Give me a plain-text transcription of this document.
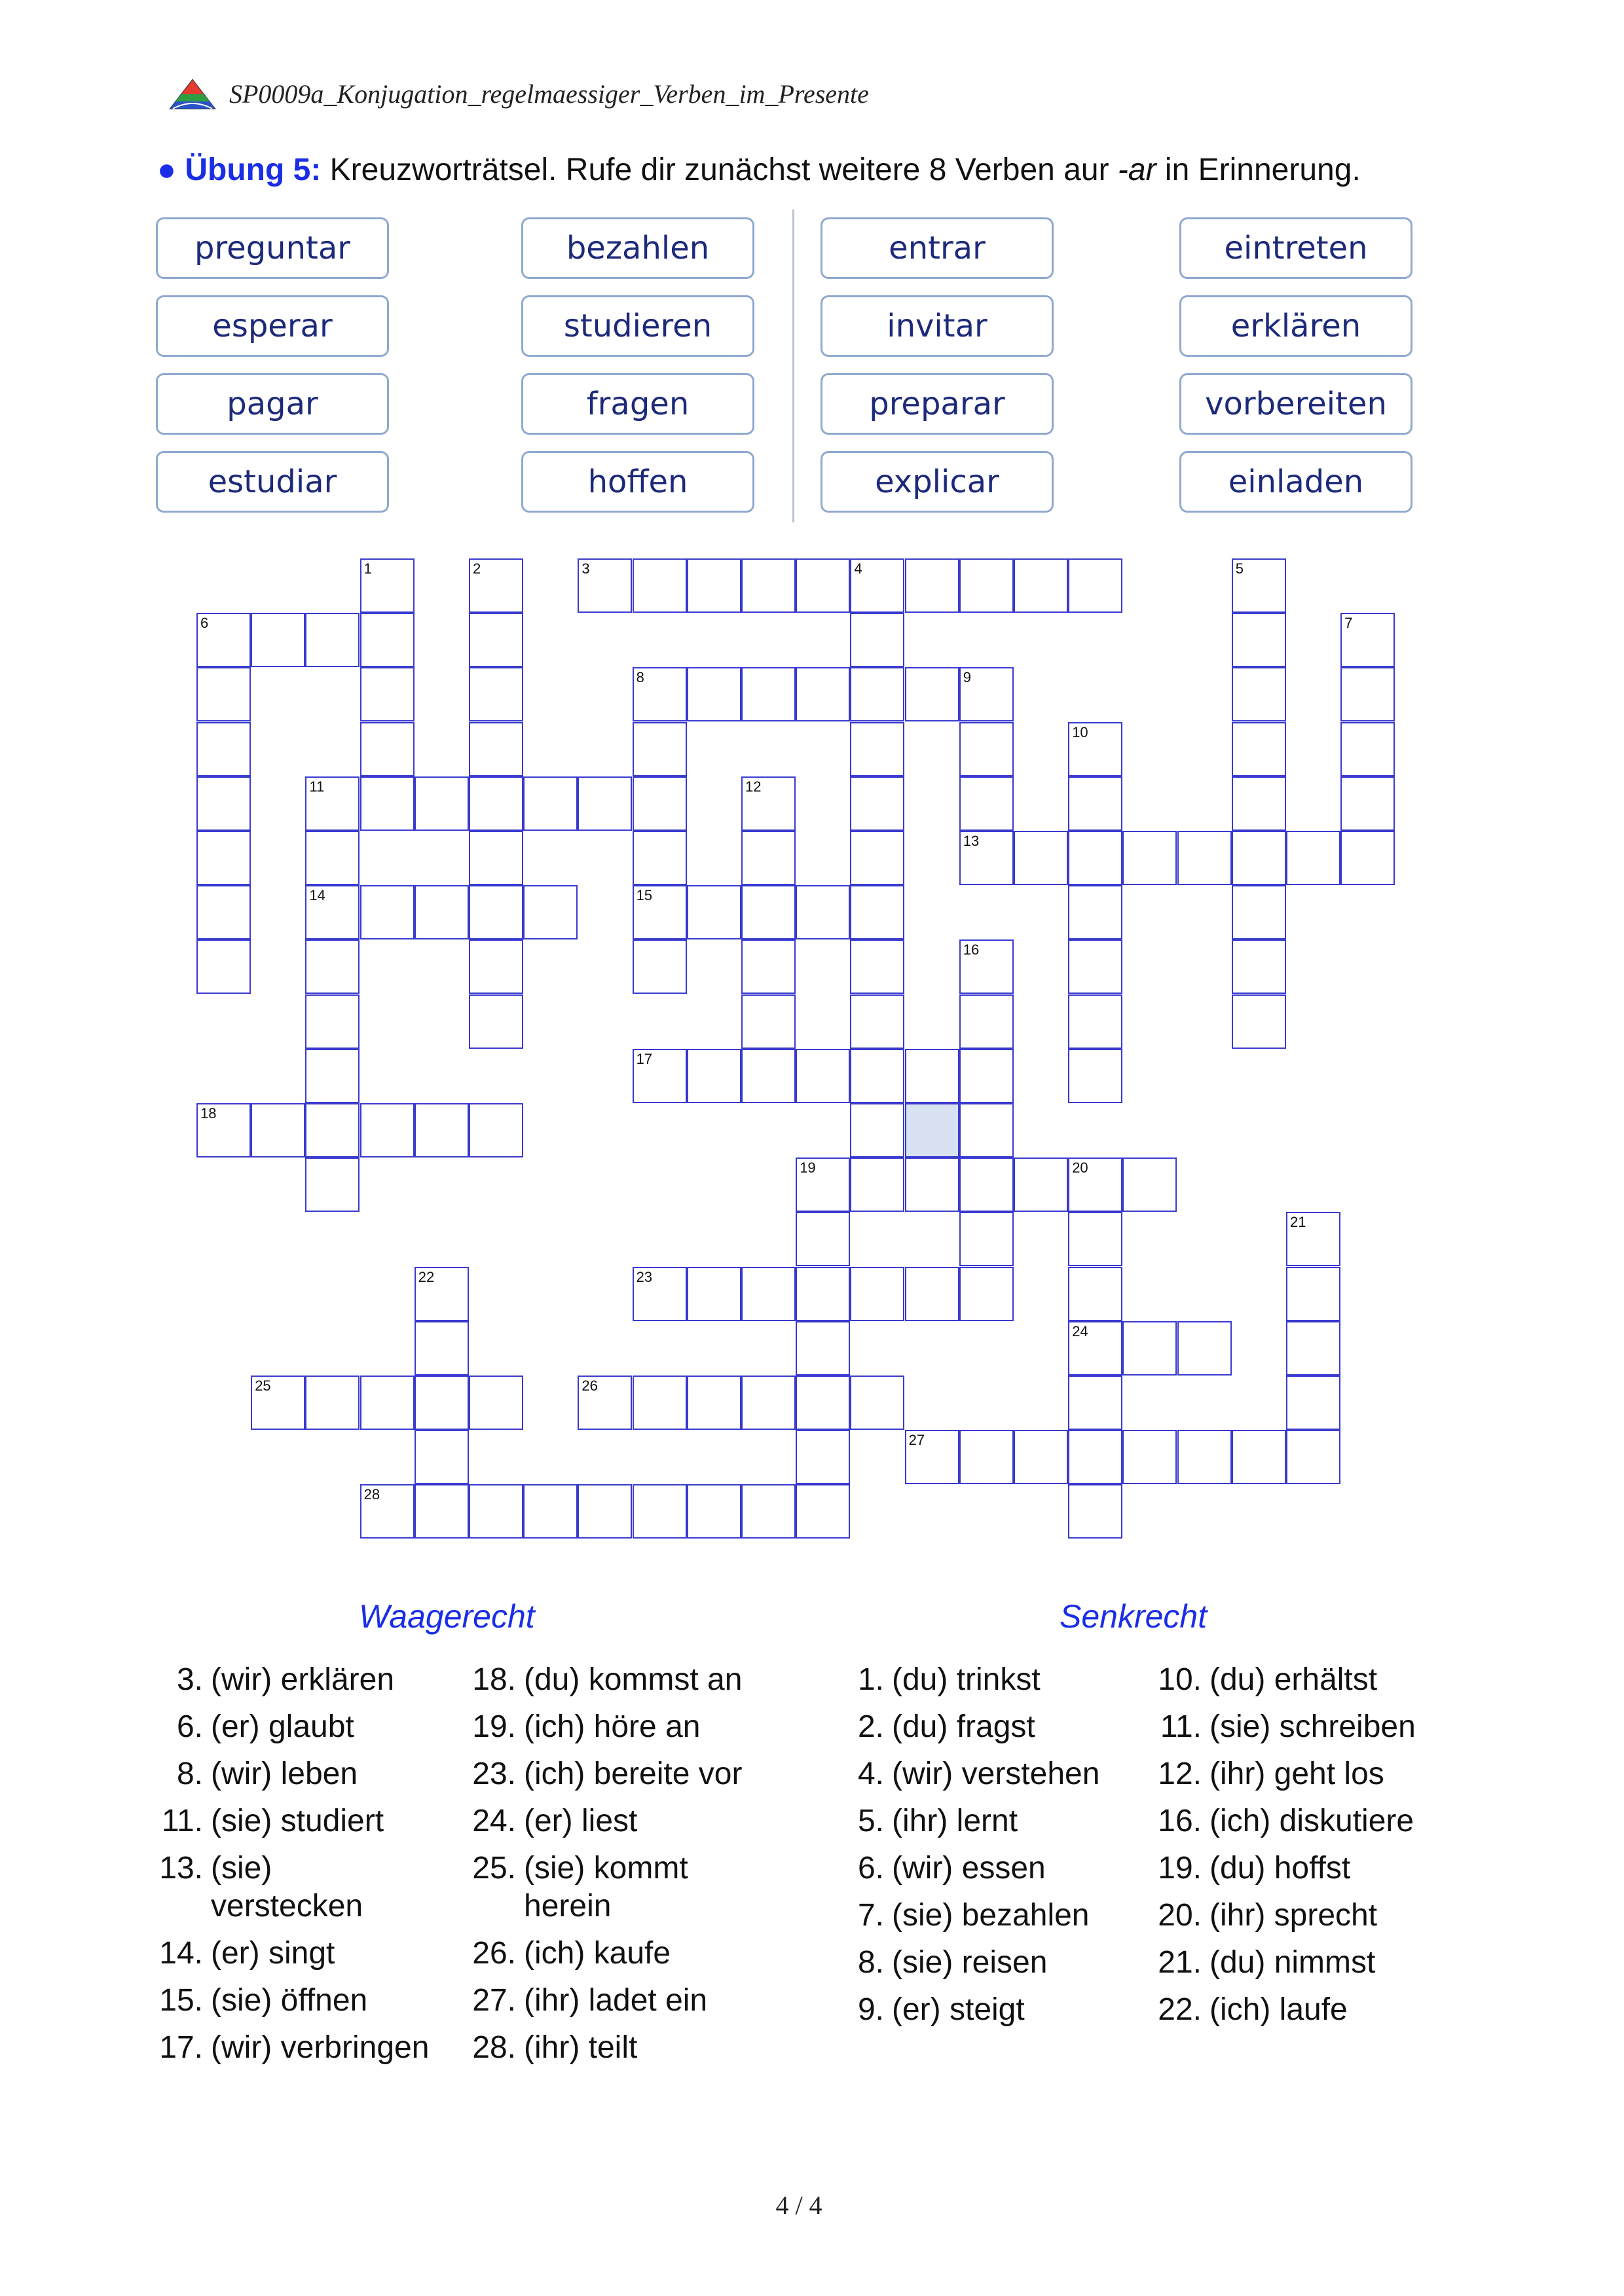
SP0009a_Konjugation_regelmaessiger_Verben_im_Presente
● Übung 5: Kreuzworträtsel. Rufe dir zunächst weitere 8 Verben aur -ar in Erinnerung.
preguntar
esperar
pagar
estudiar
bezahlen
studieren
fragen
hoffen
entrar
invitar
preparar
explicar
eintreten
erklären
vorbereiten
einladen
1	2	3	4	5
6	7
8	9
10
11	12
13
14	15
16
17
18
19	20
21
22	23
24
25	26
27
28
Waagerecht	Senkrecht
3. (wir) erklären
6. (er) glaubt
8. (wir) leben
11. (sie) studiert
13. (sie) verstecken
14. (er) singt
15. (sie) öffnen
17. (wir) verbringen
18. (du) kommst an
19. (ich) höre an
23. (ich) bereite vor
24. (er) liest
25. (sie) kommt herein
26. (ich) kaufe
27. (ihr) ladet ein
28. (ihr) teilt
1. (du) trinkst
2. (du) fragst
4. (wir) verstehen
5. (ihr) lernt
6. (wir) essen
7. (sie) bezahlen
8. (sie) reisen
9. (er) steigt
10. (du) erhältst
11. (sie) schreiben
12. (ihr) geht los
16. (ich) diskutiere
19. (du) hoffst
20. (ihr) sprecht
21. (du) nimmst
22. (ich) laufe
4 / 4
